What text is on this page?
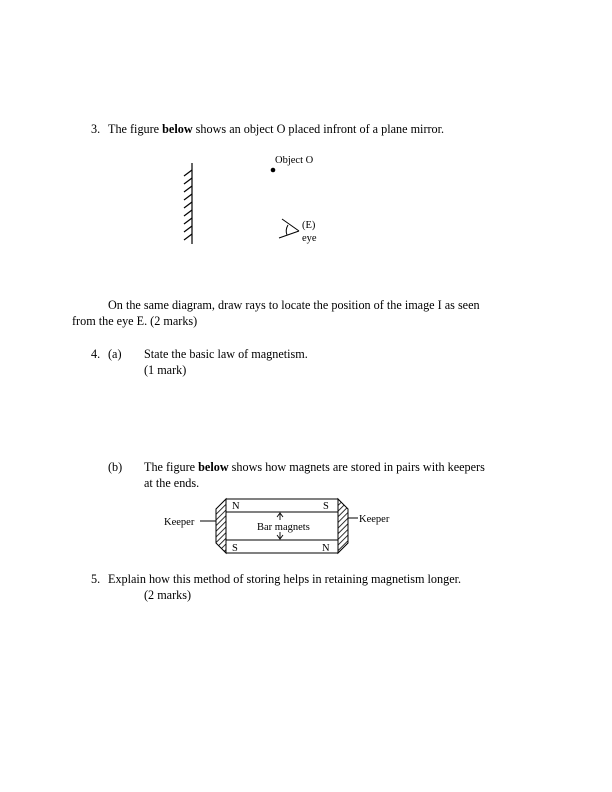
3. The figure below shows an object O placed infront of a plane mirror.
Object O
(E)
eye
Keeper	Keeper
Bar magnets
N	S
S	N
On the same diagram, draw rays to locate the position of the image I as seen
from the eye E. (2 marks)
4. (a) State the basic law of magnetism.
(1 mark)
(b) The figure below shows how magnets are stored in pairs with keepers
at the ends.
5. Explain how this method of storing helps in retaining magnetism longer.
(2 marks)
